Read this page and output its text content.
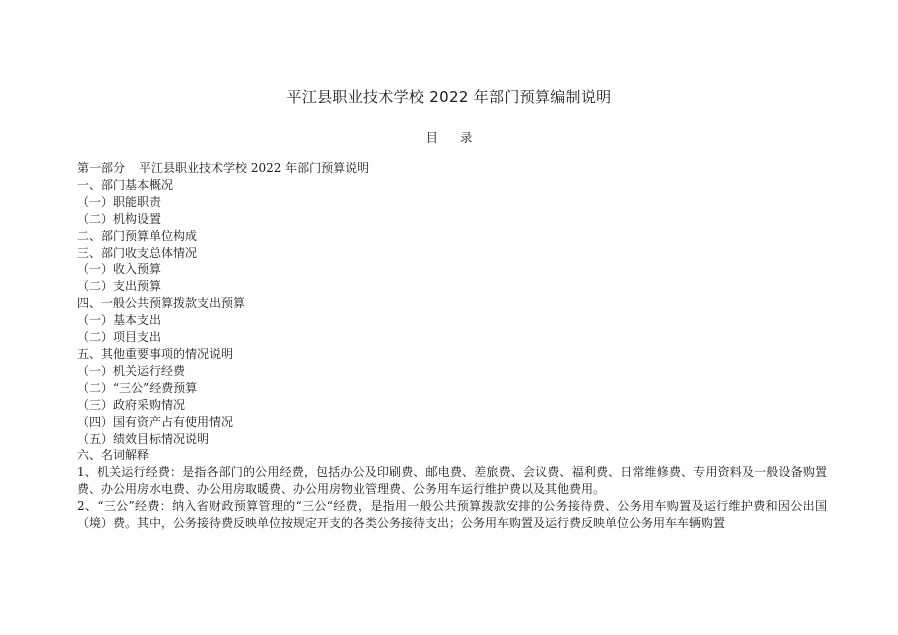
平江县职业技术学校 2022 年部门预算编制说明
目 录
第一部分 平江县职业技术学校 2022 年部门预算说明
一、部门基本概况
（一）职能职责
（二）机构设置
二、部门预算单位构成
三、部门收支总体情况
（一）收入预算
（二）支出预算
四、一般公共预算拨款支出预算
（一）基本支出
（二）项目支出
五、其他重要事项的情况说明
（一）机关运行经费
（二）“三公”经费预算
（三）政府采购情况
（四）国有资产占有使用情况
（五）绩效目标情况说明
六、名词解释
1、机关运行经费：是指各部门的公用经费，包括办公及印刷费、邮电费、差旅费、会议费、福利费、日常维修费、专用资料及一般设备购置费、办公用房水电费、办公用房取暖费、办公用房物业管理费、公务用车运行维护费以及其他费用。
2、“三公”经费：纳入省财政预算管理的“三公“经费，是指用一般公共预算拨款安排的公务接待费、公务用车购置及运行维护费和因公出国（境）费。其中，公务接待费反映单位按规定开支的各类公务接待支出；公务用车购置及运行费反映单位公务用车车辆购置
